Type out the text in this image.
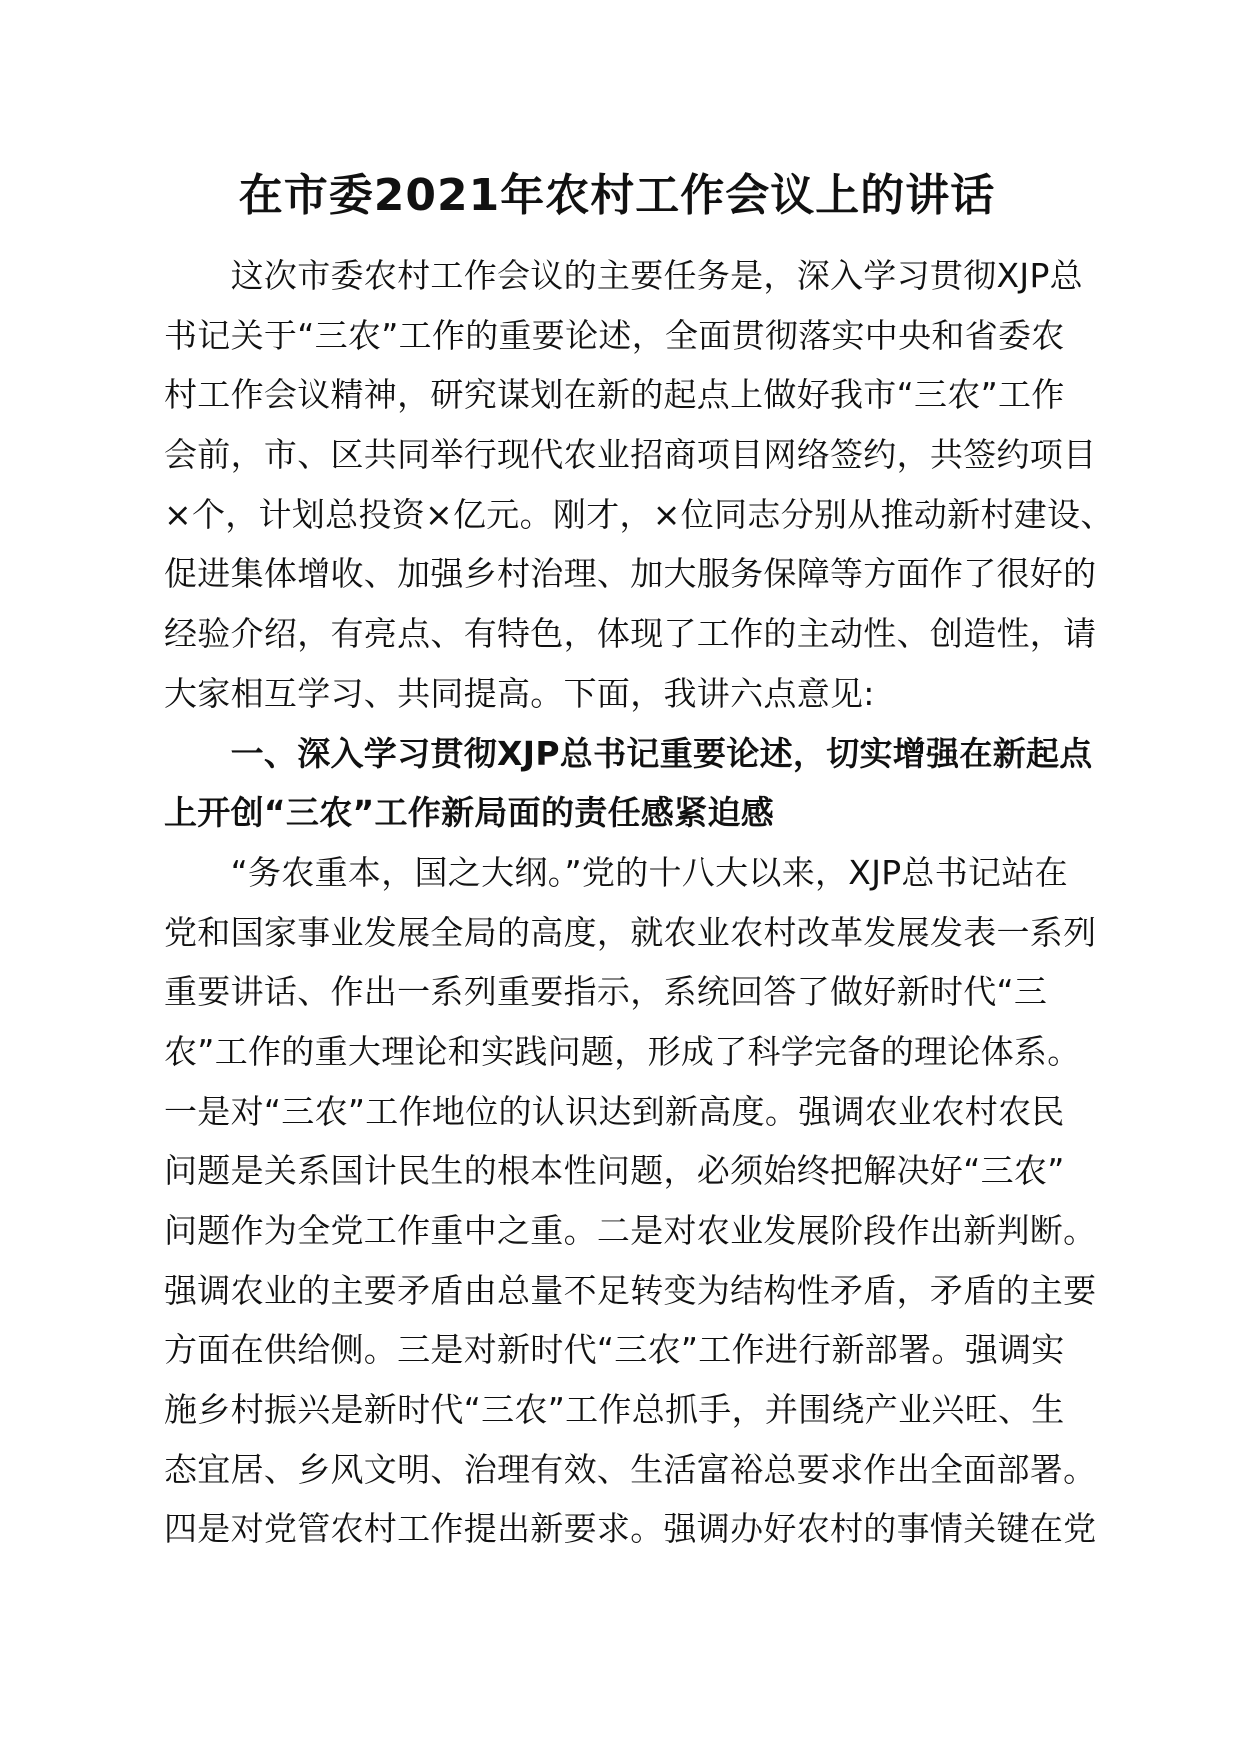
在市委2021年农村工作会议上的讲话
　　这次市委农村工作会议的主要任务是，深入学习贯彻XJP总
书记关于“三农”工作的重要论述，全面贯彻落实中央和省委农
村工作会议精神，研究谋划在新的起点上做好我市“三农”工作
会前，市、区共同举行现代农业招商项目网络签约，共签约项目
×个，计划总投资×亿元。刚才，×位同志分别从推动新村建设、
促进集体增收、加强乡村治理、加大服务保障等方面作了很好的
经验介绍，有亮点、有特色，体现了工作的主动性、创造性，请
大家相互学习、共同提高。下面，我讲六点意见:
　　一、深入学习贯彻XJP总书记重要论述，切实增强在新起点
上开创“三农”工作新局面的责任感紧迫感
　　“务农重本，国之大纲。”党的十八大以来，XJP总书记站在
党和国家事业发展全局的高度，就农业农村改革发展发表一系列
重要讲话、作出一系列重要指示，系统回答了做好新时代“三
农”工作的重大理论和实践问题，形成了科学完备的理论体系。
一是对“三农”工作地位的认识达到新高度。强调农业农村农民
问题是关系国计民生的根本性问题，必须始终把解决好“三农”
问题作为全党工作重中之重。二是对农业发展阶段作出新判断。
强调农业的主要矛盾由总量不足转变为结构性矛盾，矛盾的主要
方面在供给侧。三是对新时代“三农”工作进行新部署。强调实
施乡村振兴是新时代“三农”工作总抓手，并围绕产业兴旺、生
态宜居、乡风文明、治理有效、生活富裕总要求作出全面部署。
四是对党管农村工作提出新要求。强调办好农村的事情关键在党
